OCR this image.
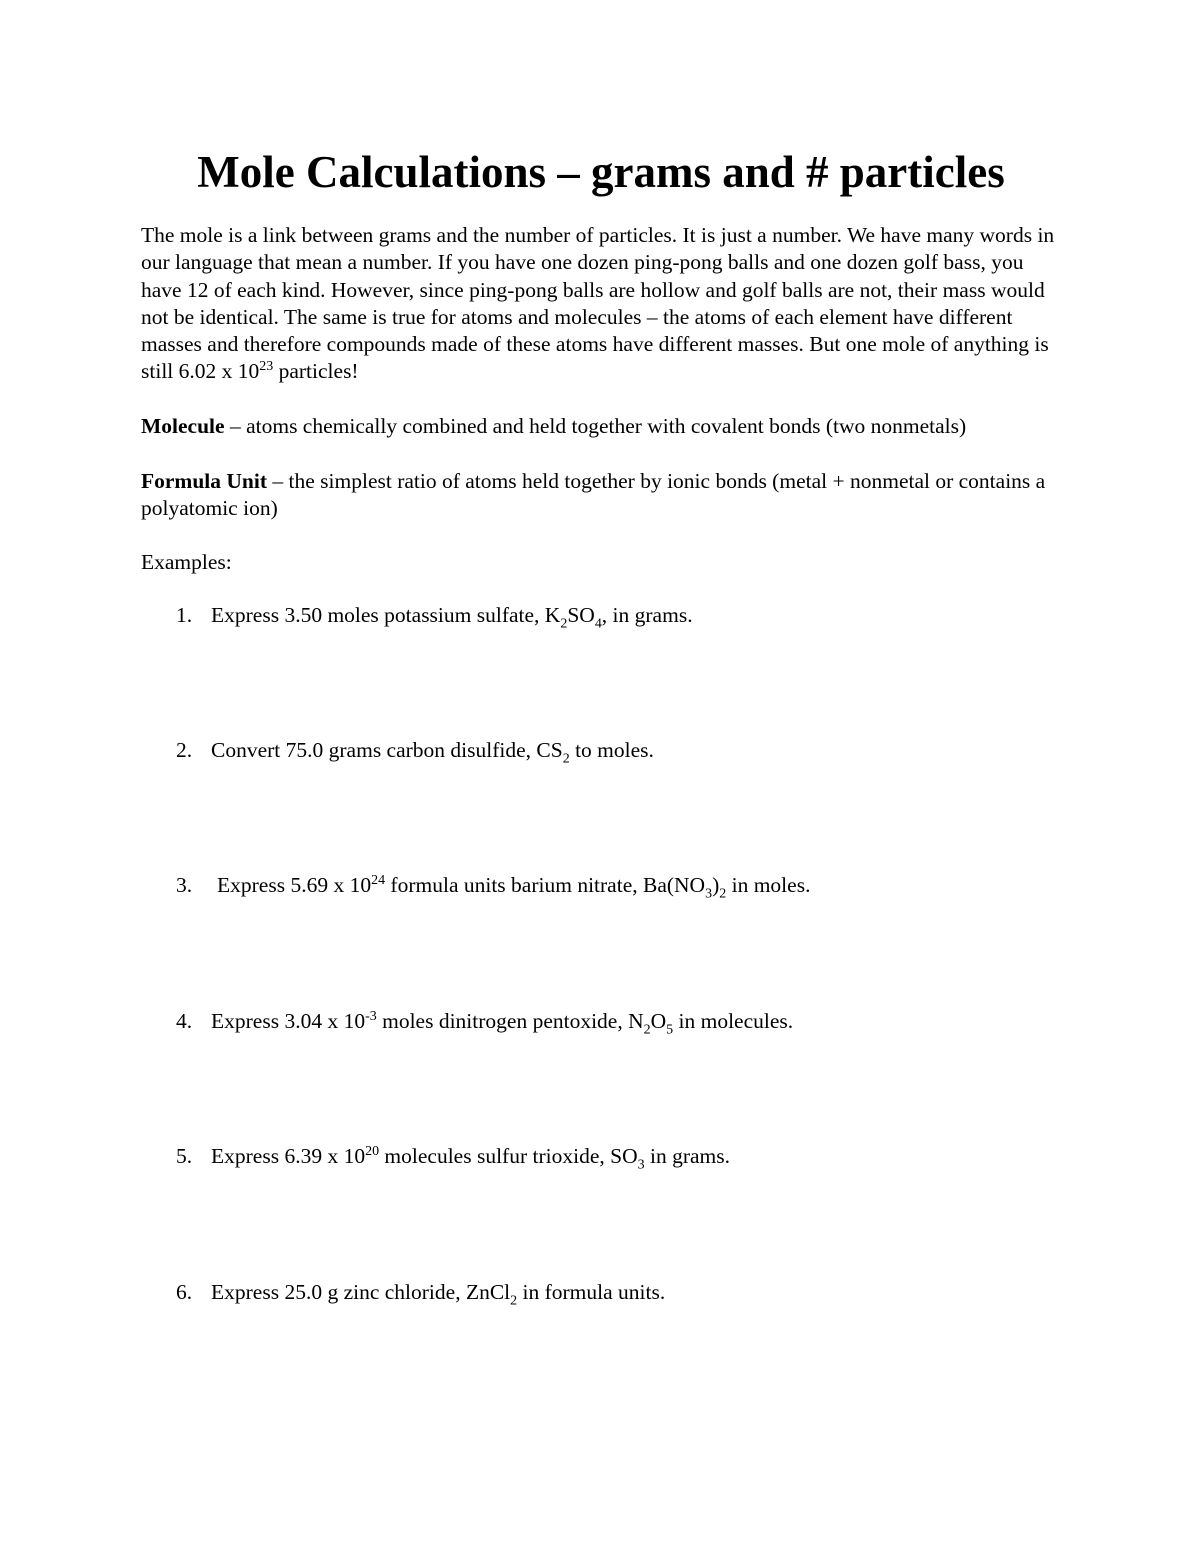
Mole Calculations – grams and # particles

The mole is a link between grams and the number of particles. It is just a number. We have many words in our language that mean a number. If you have one dozen ping-pong balls and one dozen golf bass, you have 12 of each kind. However, since ping-pong balls are hollow and golf balls are not, their mass would not be identical. The same is true for atoms and molecules – the atoms of each element have different masses and therefore compounds made of these atoms have different masses. But one mole of anything is still 6.02 x $10^{23}$ particles!

Molecule – atoms chemically combined and held together with covalent bonds (two nonmetals)

Formula Unit – the simplest ratio of atoms held together by ionic bonds (metal + nonmetal or contains a polyatomic ion)

Examples:

1. Express 3.50 moles potassium sulfate, $K_2SO_4$, in grams.

2. Convert 75.0 grams carbon disulfide, $CS_2$ to moles.

3. Express 5.69 x $10^{24}$ formula units barium nitrate, $Ba(NO_3)_2$ in moles.

4. Express 3.04 x $10^{-3}$ moles dinitrogen pentoxide, $N_2O_5$ in molecules.

5. Express 6.39 x $10^{20}$ molecules sulfur trioxide, $SO_3$ in grams.

6. Express 25.0 g zinc chloride, ZnCl$_2$ in formula units.
